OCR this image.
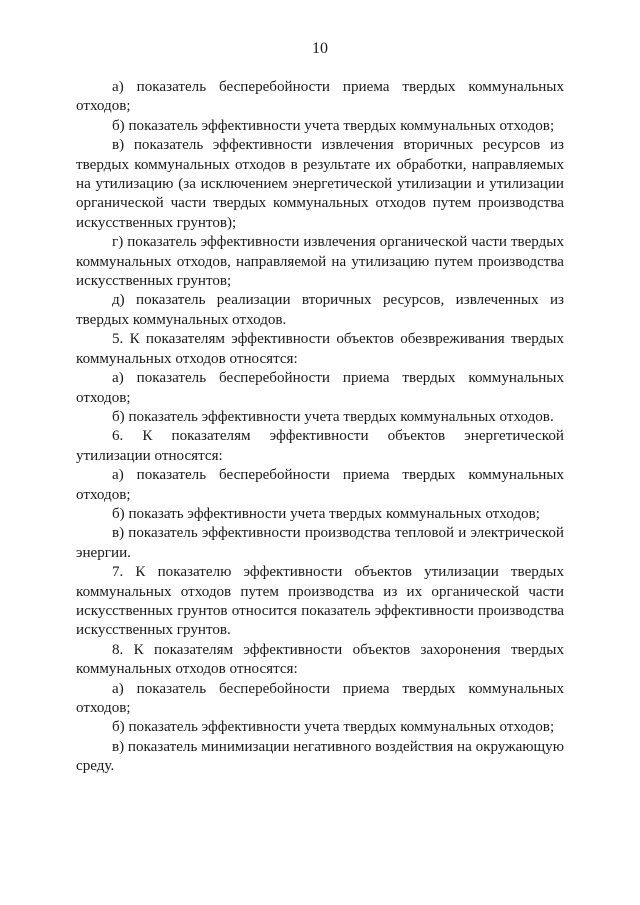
10

а) показатель бесперебойности приема твердых коммунальных отходов;

б) показатель эффективности учета твердых коммунальных отходов;

в) показатель эффективности извлечения вторичных ресурсов из твердых коммунальных отходов в результате их обработки, направляемых на утилизацию (за исключением энергетической утилизации и утилизации органической части твердых коммунальных отходов путем производства искусственных грунтов);

г) показатель эффективности извлечения органической части твердых коммунальных отходов, направляемой на утилизацию путем производства искусственных грунтов;

д) показатель реализации вторичных ресурсов, извлеченных из твердых коммунальных отходов.

5. К показателям эффективности объектов обезвреживания твердых коммунальных отходов относятся:

а) показатель бесперебойности приема твердых коммунальных отходов;

б) показатель эффективности учета твердых коммунальных отходов.

6. К показателям эффективности объектов энергетической утилизации относятся:

а) показатель бесперебойности приема твердых коммунальных отходов;

б) показать эффективности учета твердых коммунальных отходов;

в) показатель эффективности производства тепловой и электрической энергии.

7. К показателю эффективности объектов утилизации твердых коммунальных отходов путем производства из их органической части искусственных грунтов относится показатель эффективности производства искусственных грунтов.

8. К показателям эффективности объектов захоронения твердых коммунальных отходов относятся:

а) показатель бесперебойности приема твердых коммунальных отходов;

б) показатель эффективности учета твердых коммунальных отходов;

в) показатель минимизации негативного воздействия на окружающую среду.
